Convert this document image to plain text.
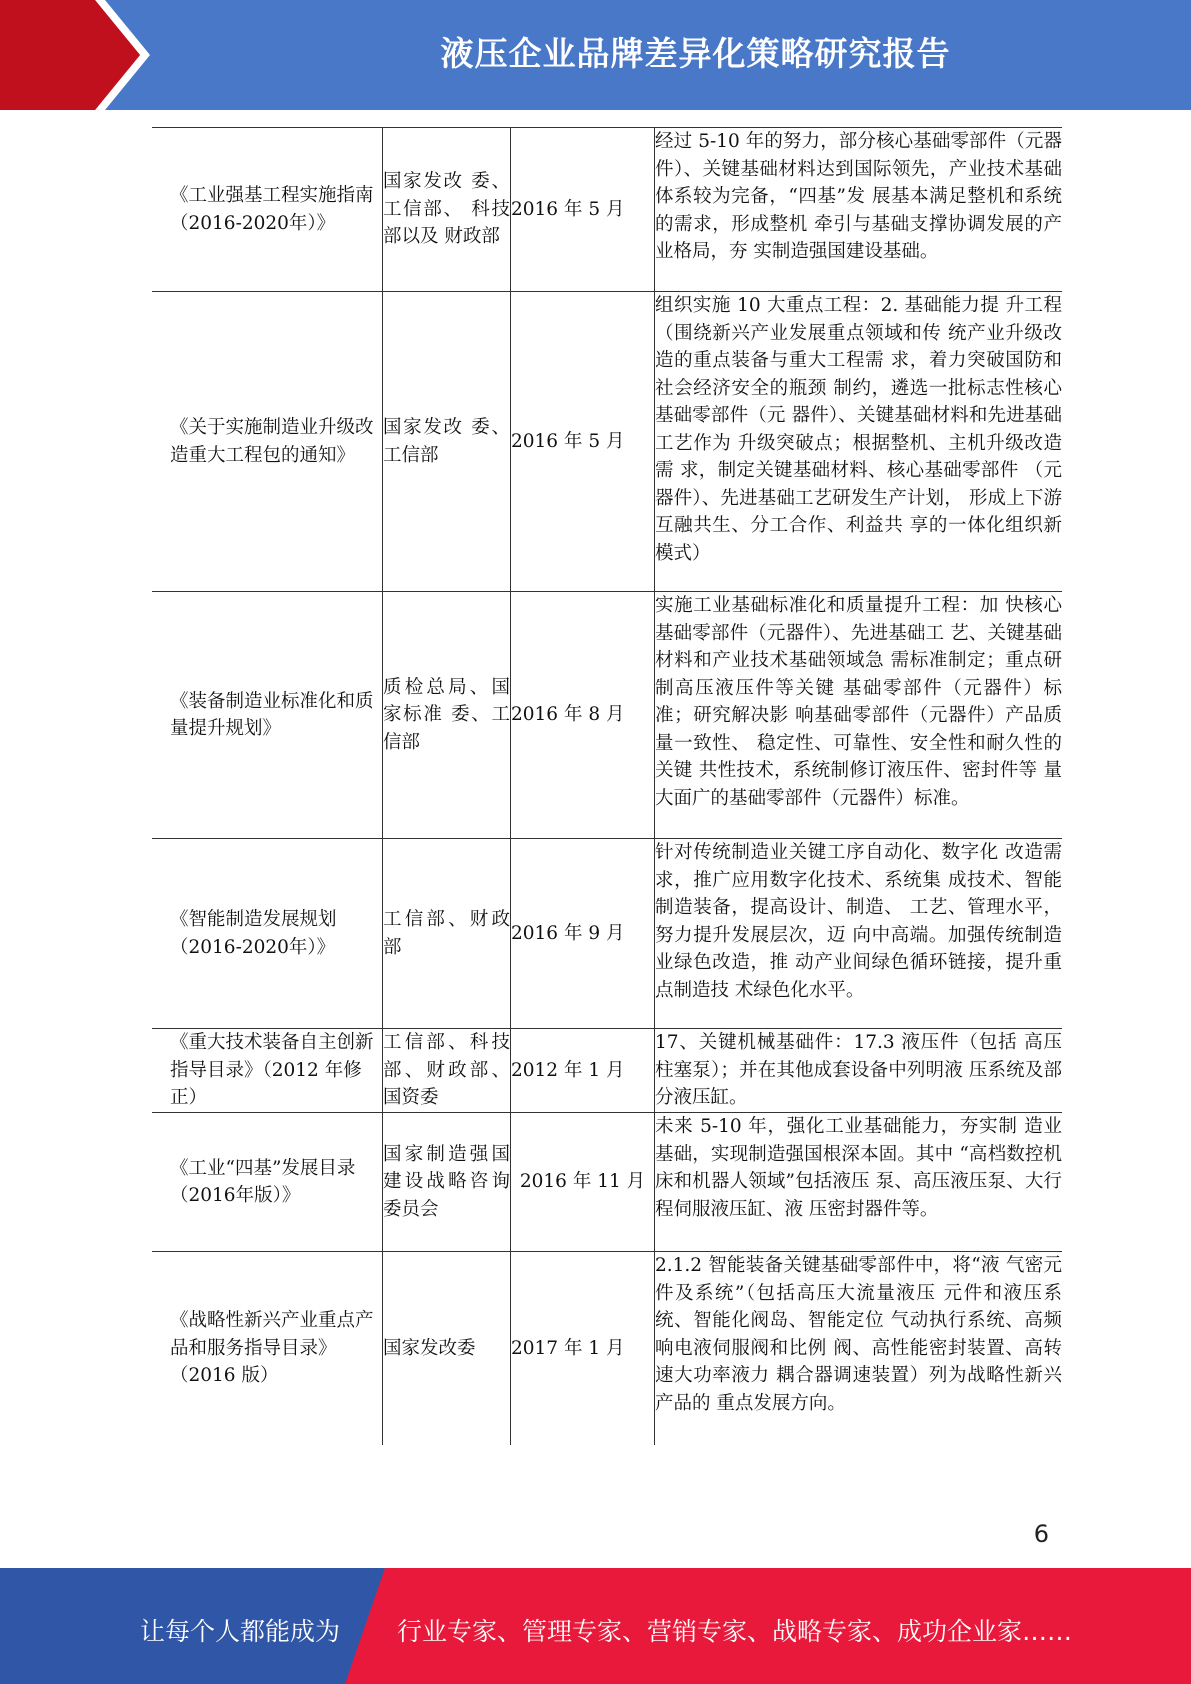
液压企业品牌差异化策略研究报告
《工业强基工程实施指南（2016-2020年）》	国家发改 委、工信部、 科技部以及 财政部	2016 年 5 月	经过 5-10 年的努力，部分核心基础零部件（元器件）、关键基础材料达到国际领先，产业技术基础体系较为完备，“四基”发 展基本满足整机和系统的需求，形成整机 牵引与基础支撑协调发展的产业格局，夯 实制造强国建设基础。
《关于实施制造业升级改造重大工程包的通知》	国家发改 委、工信部	2016 年 5 月	组织实施 10 大重点工程：2. 基础能力提 升工程（围绕新兴产业发展重点领域和传 统产业升级改造的重点装备与重大工程需 求，着力突破国防和社会经济安全的瓶颈 制约，遴选一批标志性核心基础零部件（元 器件）、关键基础材料和先进基础工艺作为 升级突破点；根据整机、主机升级改造需 求，制定关键基础材料、核心基础零部件 （元器件）、先进基础工艺研发生产计划， 形成上下游互融共生、分工合作、利益共 享的一体化组织新模式）
《装备制造业标准化和质量提升规划》	质检总局、国家标准 委、工信部	2016 年 8 月	实施工业基础标准化和质量提升工程：加 快核心基础零部件（元器件）、先进基础工 艺、关键基础材料和产业技术基础领域急 需标准制定；重点研制高压液压件等关键 基础零部件（元器件）标准；研究解决影 响基础零部件（元器件）产品质量一致性、 稳定性、可靠性、安全性和耐久性的关键 共性技术，系统制修订液压件、密封件等 量大面广的基础零部件（元器件）标准。
《智能制造发展规划（2016-2020年）》	工信部、财政部	2016 年 9 月	针对传统制造业关键工序自动化、数字化 改造需求，推广应用数字化技术、系统集 成技术、智能制造装备，提高设计、制造、 工艺、管理水平，努力提升发展层次，迈 向中高端。加强传统制造业绿色改造，推 动产业间绿色循环链接，提升重点制造技 术绿色化水平。
《重大技术装备自主创新指导目录》（2012 年修正）	工信部、科技部、财政部、国资委	2012 年 1 月	17、关键机械基础件：17.3 液压件（包括 高压柱塞泵）；并在其他成套设备中列明液 压系统及部分液压缸。
《工业“四基”发展目录（2016年版）》	国家制造强国建设战略咨询委员会	2016 年 11 月	未来 5-10 年，强化工业基础能力，夯实制 造业基础，实现制造强国根深本固。其中 “高档数控机床和机器人领域”包括液压 泵、高压液压泵、大行程伺服液压缸、液 压密封器件等。
《战略性新兴产业重点产品和服务指导目录》（2016 版）	国家发改委	2017 年 1 月	2.1.2 智能装备关键基础零部件中，将“液 气密元件及系统”（包括高压大流量液压 元件和液压系统、智能化阀岛、智能定位 气动执行系统、高频响电液伺服阀和比例 阀、高性能密封装置、高转速大功率液力 耦合器调速装置）列为战略性新兴产品的 重点发展方向。
6
让每个人都能成为 行业专家、管理专家、营销专家、战略专家、成功企业家……
